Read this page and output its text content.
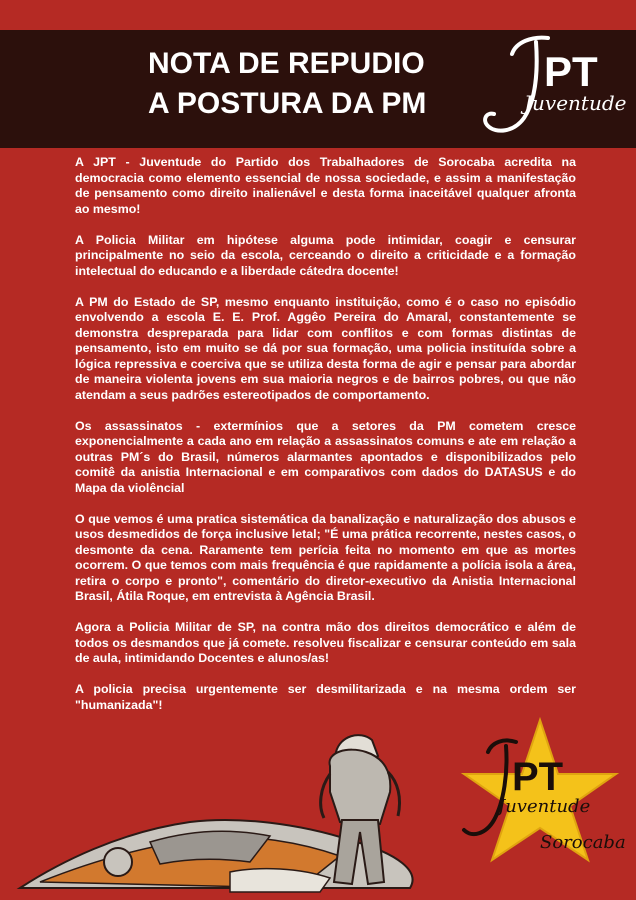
NOTA DE REPUDIO
A POSTURA DA PM
PT
Juventude

A JPT - Juventude do Partido dos Trabalhadores de Sorocaba acredita na democracia como elemento essencial de nossa sociedade, e assim a manifestação de pensamento como direito inalienável e desta forma inaceitável qualquer afronta ao mesmo!

A Policia Militar em hipótese alguma pode intimidar, coagir e censurar principalmente no seio da escola, cerceando o direito a criticidade e a formação intelectual do educando e a liberdade cátedra docente!

A PM do Estado de SP, mesmo enquanto instituição, como é o caso no episódio envolvendo a escola E. E. Prof. Aggêo Pereira do Amaral, constantemente se demonstra despreparada para lidar com conflitos e com formas distintas de pensamento, isto em muito se dá por sua formação, uma policia instituída sobre a lógica repressiva e coerciva que se utiliza desta forma de agir e pensar para abordar de maneira violenta jovens em sua maioria negros e de bairros pobres, ou que não atendam a seus padrões estereotipados de comportamento.

Os assassinatos - extermínios que a setores da PM cometem cresce exponencialmente a cada ano em relação a assassinatos comuns e ate em relação a outras PM´s do Brasil, números alarmantes apontados e disponibilizados pelo comitê da anistia Internacional e em comparativos com dados do DATASUS e do Mapa da violêncial

O que vemos é uma pratica sistemática da banalização e naturalização dos abusos e usos desmedidos de força inclusive letal; "É uma prática recorrente, nestes casos, o desmonte da cena. Raramente tem perícia feita no momento em que as mortes ocorrem. O que temos com mais frequência é que rapidamente a polícia isola a área, retira o corpo e pronto", comentário do diretor-executivo da Anistia Internacional Brasil, Átila Roque, em entrevista à Agência Brasil.

Agora a Policia Militar de SP, na contra mão dos direitos democrático e além de todos os desmandos que já comete. resolveu fiscalizar e censurar conteúdo em sala de aula, intimidando Docentes e alunos/as!

A policia precisa urgentemente ser desmilitarizada e na mesma ordem ser "humanizada"!

PT
Juventude
Sorocaba
